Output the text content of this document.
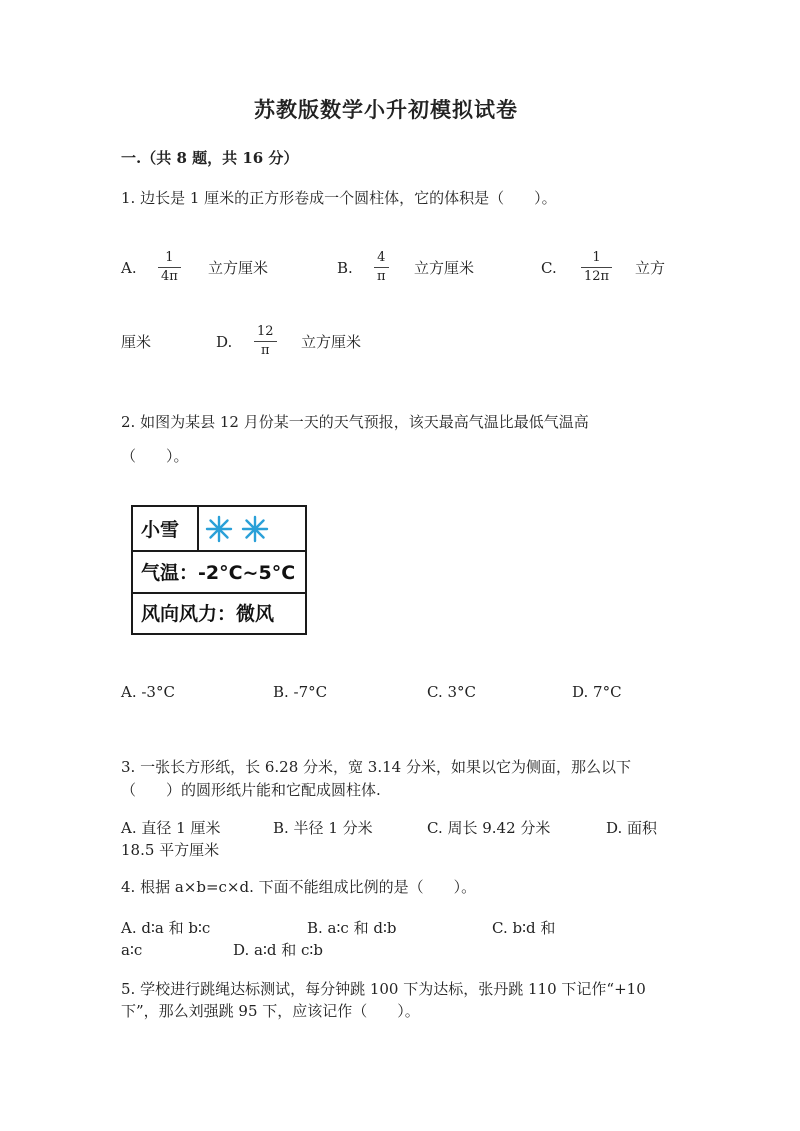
苏教版数学小升初模拟试卷
一.（共 8 题，共 16 分）
1. 边长是 1 厘米的正方形卷成一个圆柱体，它的体积是（　　）。
A.
1
4π 立方厘米	B.
4
π 立方厘米	C.
1
12π 立方
厘米	D.
12
π 立方厘米
2. 如图为某县 12 月份某一天的天气预报，该天最高气温比最低气温高
（　　）。
小雪
气温：-2°C~5°C
风向风力：微风
A. -3°C	B. -7°C	C. 3°C	D. 7°C
3. 一张长方形纸，长 6.28 分米，宽 3.14 分米，如果以它为侧面，那么以下
（　　）的圆形纸片能和它配成圆柱体.
A. 直径 1 厘米	B. 半径 1 分米	C. 周长 9.42 分米	D. 面积
18.5 平方厘米
4. 根据 a×b=c×d. 下面不能组成比例的是（　　）。
A. d∶a 和 b∶c	B. a∶c 和 d∶b	C. b∶d 和
a∶c	D. a∶d 和 c∶b
5. 学校进行跳绳达标测试，每分钟跳 100 下为达标，张丹跳 110 下记作“+10
下”，那么刘强跳 95 下，应该记作（　　）。
